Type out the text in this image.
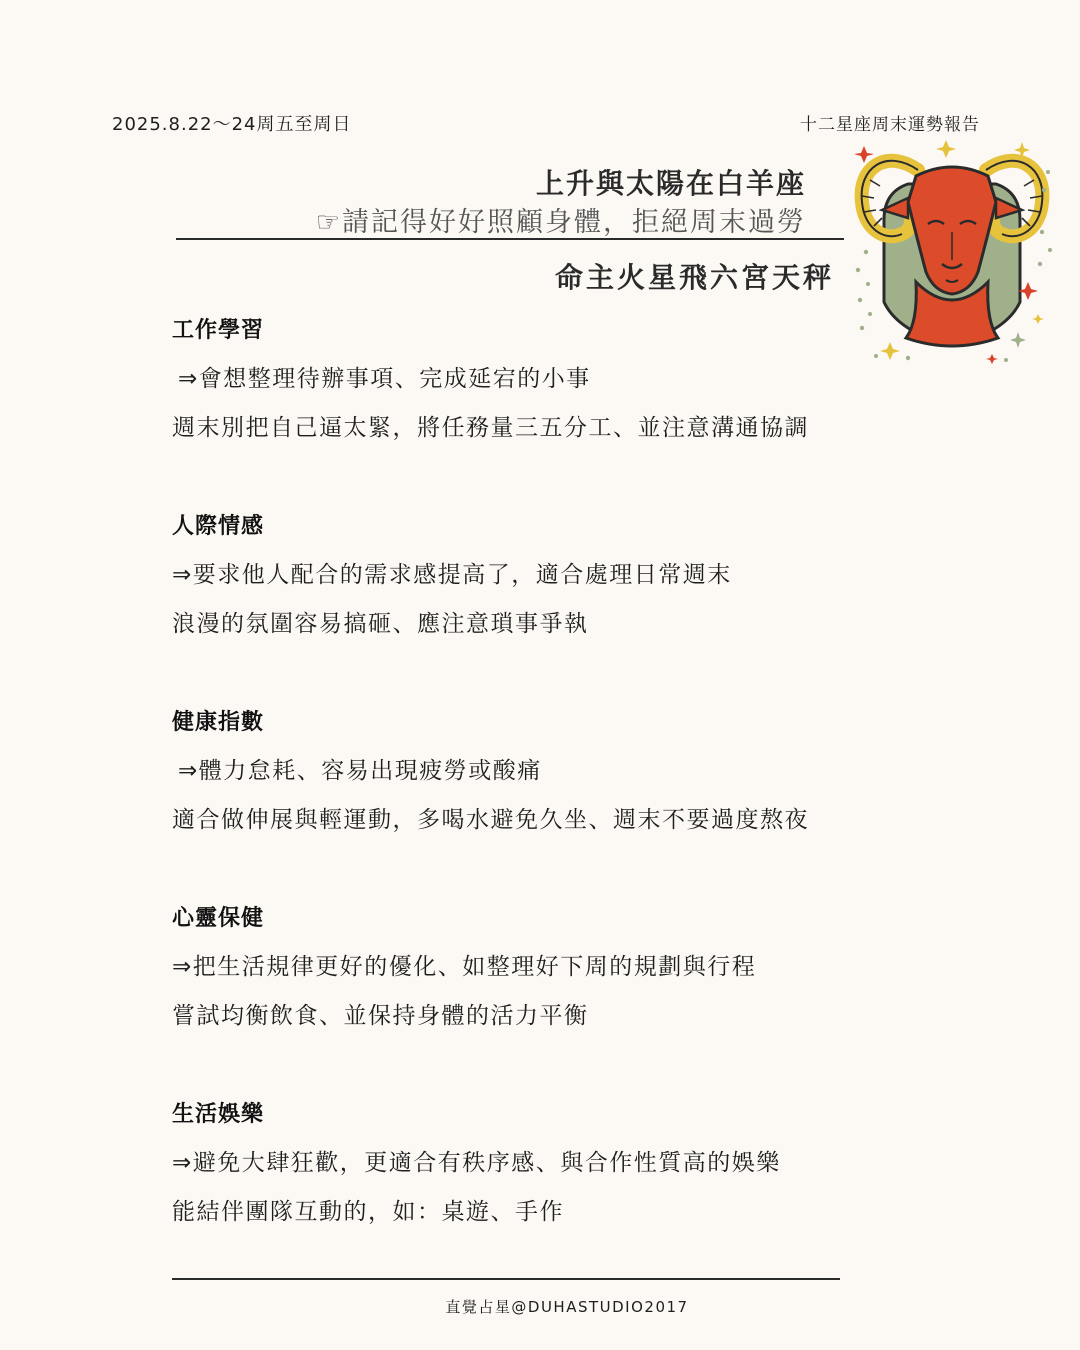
2025.8.22～24周五至周日	十二星座周末運勢報告
上升與太陽在白羊座
☞請記得好好照顧身體，拒絕周末過勞
命主火星飛六宮天秤
工作學習
⇒會想整理待辦事項、完成延宕的小事
週末別把自己逼太緊，將任務量三五分工、並注意溝通協調
人際情感
⇒要求他人配合的需求感提高了，適合處理日常週末
浪漫的氛圍容易搞砸、應注意瑣事爭執
健康指數
⇒體力怠耗、容易出現疲勞或酸痛
適合做伸展與輕運動，多喝水避免久坐、週末不要過度熬夜
心靈保健
⇒把生活規律更好的優化、如整理好下周的規劃與行程
嘗試均衡飲食、並保持身體的活力平衡
生活娛樂
⇒避免大肆狂歡，更適合有秩序感、與合作性質高的娛樂
能結伴團隊互動的，如：桌遊、手作
直覺占星@DUHASTUDIO2017
